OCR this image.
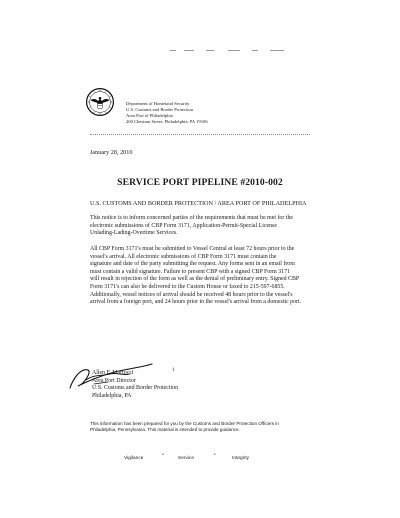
Department of Homeland Security
U.S. Customs and Border Protection
Area Port of Philadelphia
200 Chestnut Street, Philadelphia, PA 19106
January 28, 2010
SERVICE PORT PIPELINE #2010-002
U.S. CUSTOMS AND BORDER PROTECTION / AREA PORT OF PHILADELPHIA
This notice is to inform concerned parties of the requirements that must be met for the
electronic submissions of CBP Form 3171, Application-Permit-Special License
Unlading-Lading-Overtime Services.
All CBP Form 3171's must be submitted to Vessel Central at least 72 hours prior to the
vessel's arrival. All electronic submissions of CBP Form 3171 must contain the
signature and date of the party submitting the request. Any forms sent in an email from
must contain a valid signature. Failure to present CBP with a signed CBP Form 3171
will result in rejection of the form as well as the denial of preliminary entry. Signed CBP
Form 3171's can also be delivered to the Custom House or faxed to 215-597-6855.
Additionally, vessel notices of arrival should be received 48 hours prior to the vessel's
arrival from a foreign port, and 24 hours prior to the vessel's arrival from a domestic port.
1
Allen F. Martocci
Area Port Director
U.S. Customs and Border Protection
Philadelphia, PA
This information has been prepared for you by the Customs and Border Protection Officers in
Philadelphia, Pennsylvania. This material is intended to provide guidance.
Vigilance
•
Service
•
Integrity
